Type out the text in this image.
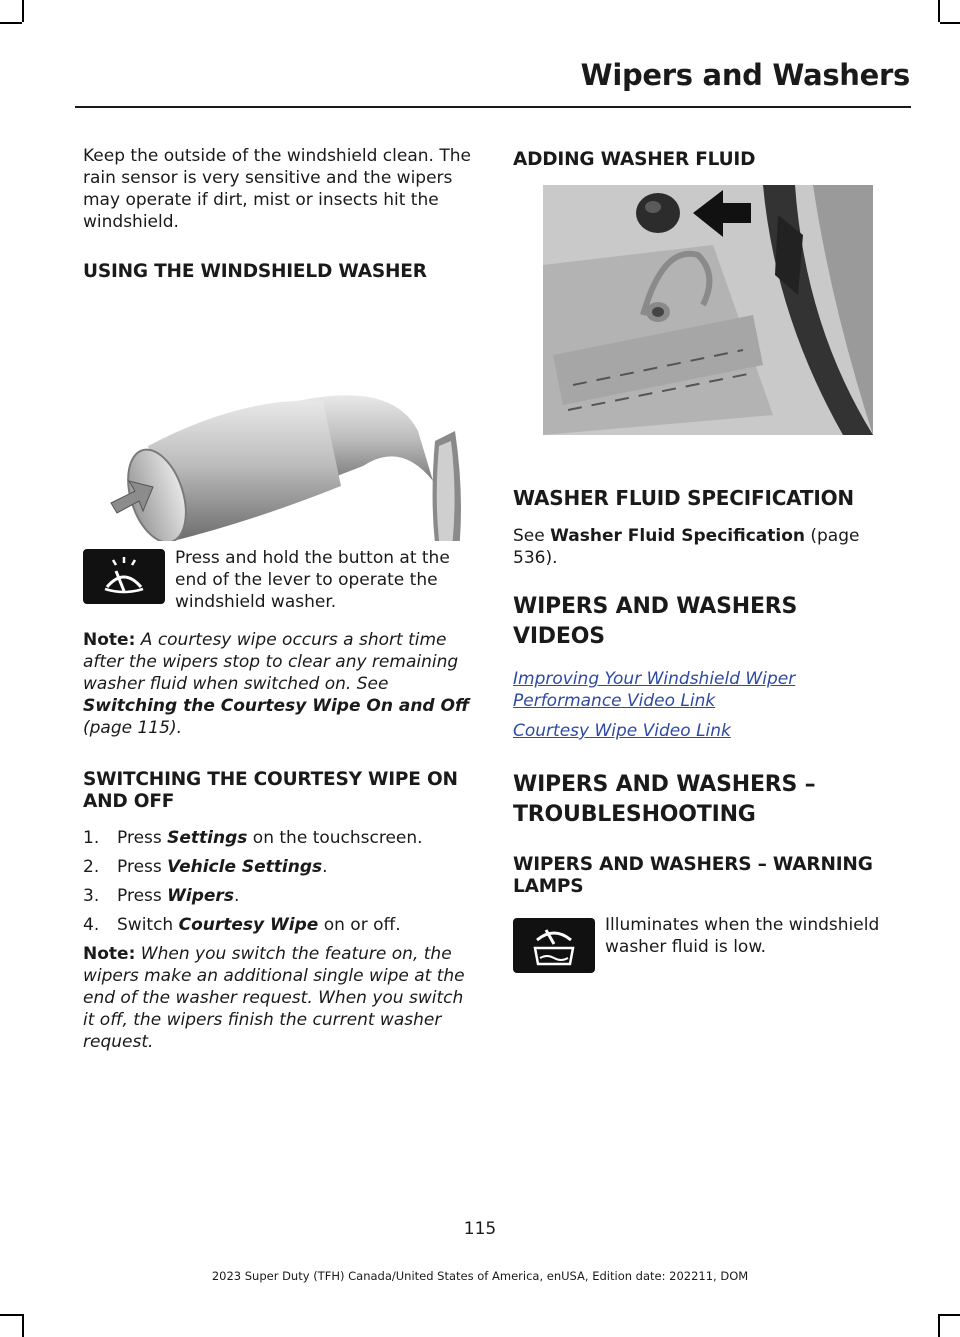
Wipers and Washers

Keep the outside of the windshield clean. The rain sensor is very sensitive and the wipers may operate if dirt, mist or insects hit the windshield.

USING THE WINDSHIELD WASHER

Press and hold the button at the end of the lever to operate the windshield washer.

Note: A courtesy wipe occurs a short time after the wipers stop to clear any remaining washer fluid when switched on. See Switching the Courtesy Wipe On and Off (page 115).

SWITCHING THE COURTESY WIPE ON AND OFF
1.	Press Settings on the touchscreen.
2.	Press Vehicle Settings.
3.	Press Wipers.
4.	Switch Courtesy Wipe on or off.

Note: When you switch the feature on, the wipers make an additional single wipe at the end of the washer request. When you switch it off, the wipers finish the current washer request.

ADDING WASHER FLUID
WASHER FLUID SPECIFICATION

See Washer Fluid Specification (page 536).

WIPERS AND WASHERS
VIDEOS
Improving Your Windshield Wiper Performance Video Link
Courtesy Wipe Video Link
WIPERS AND WASHERS –
TROUBLESHOOTING
WIPERS AND WASHERS – WARNING LAMPS

Illuminates when the windshield washer fluid is low.

115
2023 Super Duty (TFH) Canada/United States of America, enUSA, Edition date: 202211, DOM
